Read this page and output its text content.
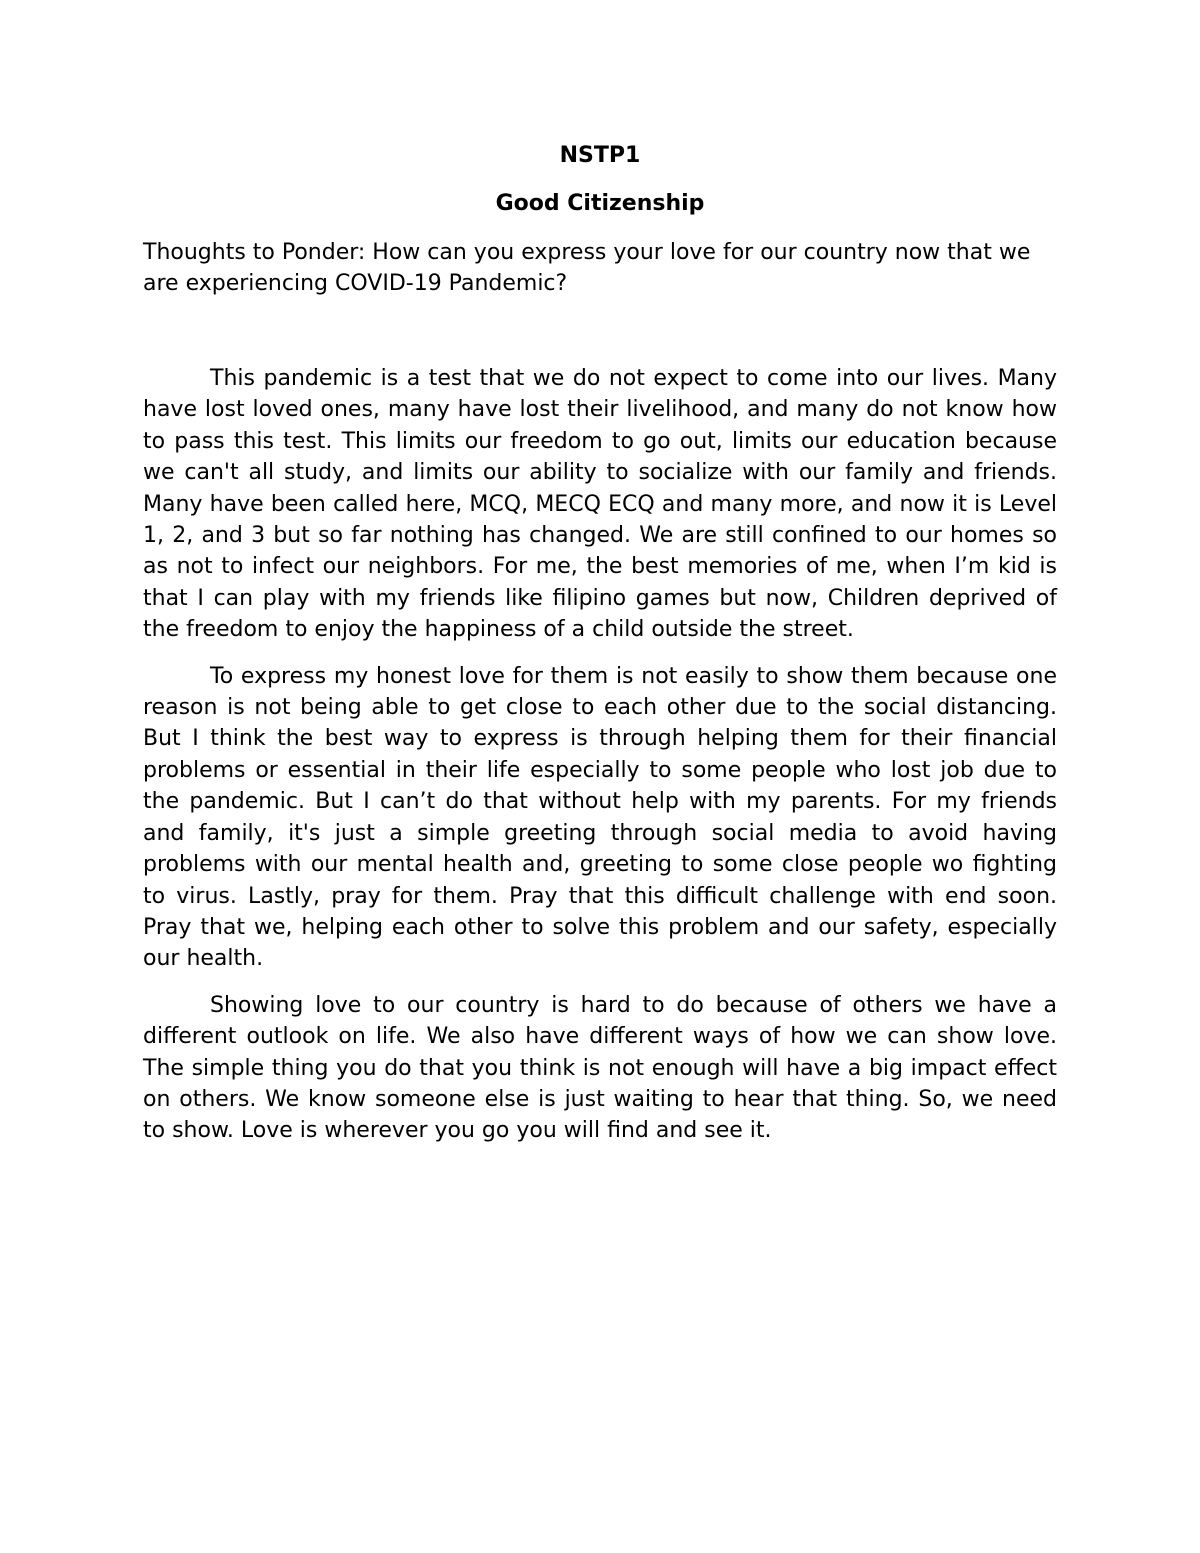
NSTP1

Good Citizenship

Thoughts to Ponder: How can you express your love for our country now that we are experiencing COVID-19 Pandemic?

This pandemic is a test that we do not expect to come into our lives. Many have lost loved ones, many have lost their livelihood, and many do not know how to pass this test. This limits our freedom to go out, limits our education because we can't all study, and limits our ability to socialize with our family and friends. Many have been called here, MCQ, MECQ ECQ and many more, and now it is Level 1, 2, and 3 but so far nothing has changed. We are still confined to our homes so as not to infect our neighbors. For me, the best memories of me, when I’m kid is that I can play with my friends like filipino games but now, Children deprived of the freedom to enjoy the happiness of a child outside the street.

To express my honest love for them is not easily to show them because one reason is not being able to get close to each other due to the social distancing. But I think the best way to express is through helping them for their financial problems or essential in their life especially to some people who lost job due to the pandemic. But I can’t do that without help with my parents. For my friends and family, it's just a simple greeting through social media to avoid having problems with our mental health and, greeting to some close people wo fighting to virus. Lastly, pray for them. Pray that this difficult challenge with end soon. Pray that we, helping each other to solve this problem and our safety, especially our health.

Showing love to our country is hard to do because of others we have a different outlook on life. We also have different ways of how we can show love. The simple thing you do that you think is not enough will have a big impact effect on others. We know someone else is just waiting to hear that thing. So, we need to show. Love is wherever you go you will find and see it.
